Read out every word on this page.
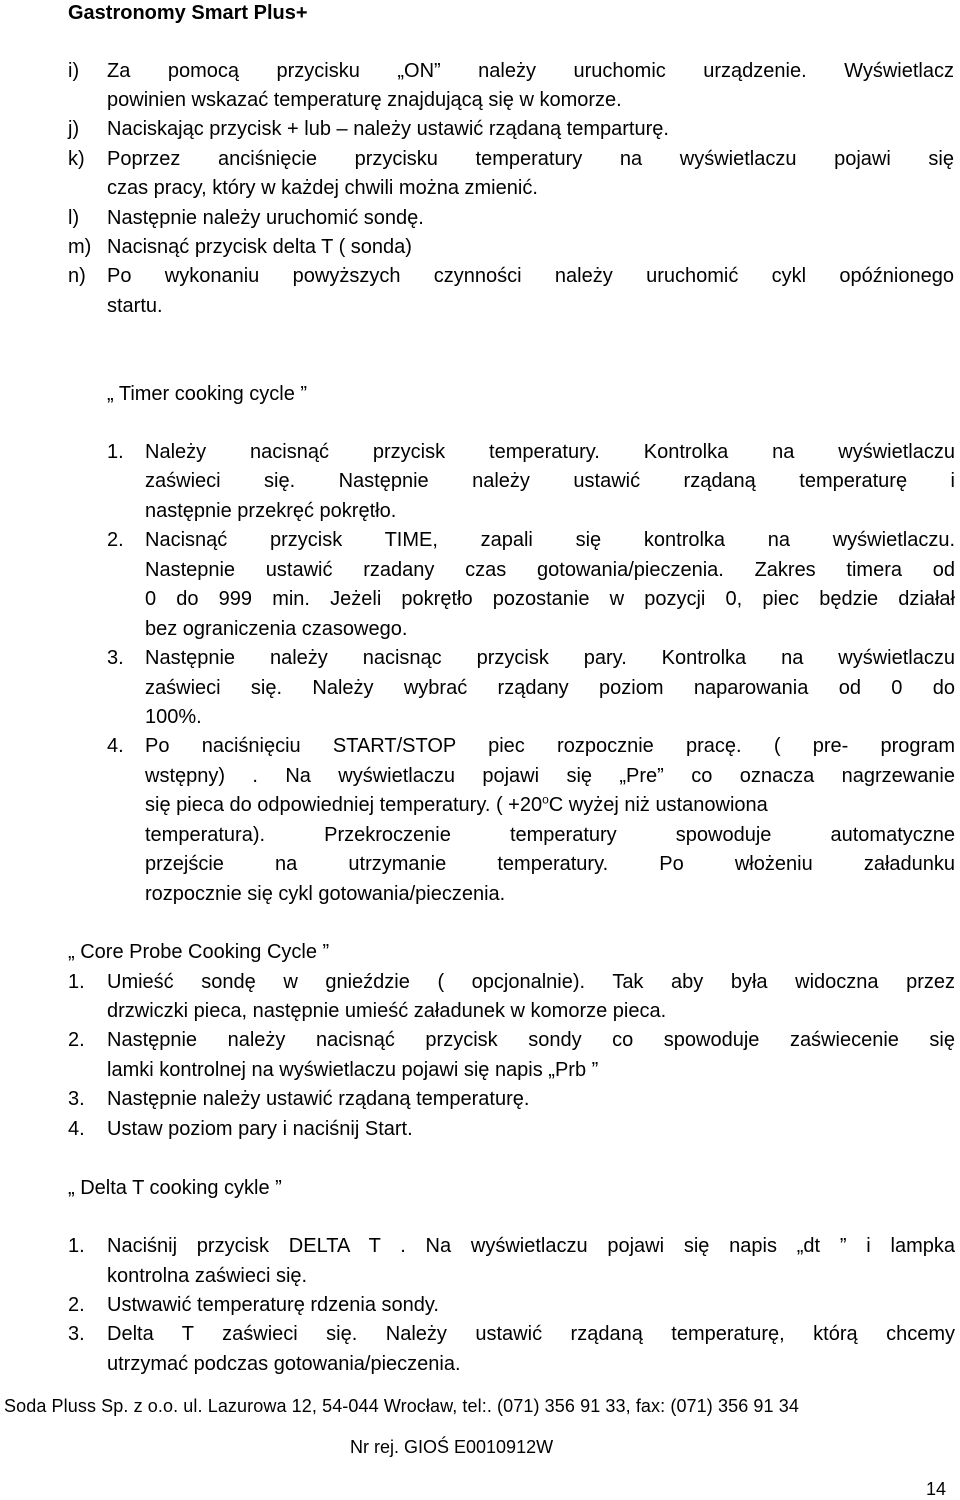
Gastronomy Smart Plus+
i) Za pomocą przycisku „ON” należy uruchomic urządzenie. Wyświetlacz
powinien wskazać temperaturę znajdującą się w komorze.
j) Naciskając przycisk + lub – należy ustawić rządaną temparturę.
k) Poprzez anciśnięcie przycisku temperatury na wyświetlaczu pojawi się
czas pracy, który w każdej chwili można zmienić.
l) Następnie należy uruchomić sondę.
m) Nacisnąć przycisk delta T ( sonda)
n) Po wykonaniu powyższych czynności należy uruchomić cykl opóźnionego
startu.
„ Timer cooking cycle ”
1. Należy nacisnąć przycisk temperatury. Kontrolka na wyświetlaczu
zaświeci się. Następnie należy ustawić rządaną temperaturę i
następnie przekręć pokrętło.
2. Nacisnąć przycisk TIME, zapali się kontrolka na wyświetlaczu.
Nastepnie ustawić rzadany czas gotowania/pieczenia. Zakres timera od
0 do 999 min. Jeżeli pokrętło pozostanie w pozycji 0, piec będzie działał
bez ograniczenia czasowego.
3. Następnie należy nacisnąc przycisk pary. Kontrolka na wyświetlaczu
zaświeci się. Należy wybrać rządany poziom naparowania od 0 do
100%.
4. Po naciśnięciu START/STOP piec rozpocznie pracę. ( pre- program
wstępny) . Na wyświetlaczu pojawi się „Pre” co oznacza nagrzewanie
się pieca do odpowiedniej temperatury. ( $+20^oC$ wyżej niż ustanowiona
temperatura). Przekroczenie temperatury spowoduje automatyczne
przejście na utrzymanie temperatury. Po włożeniu załadunku
rozpocznie się cykl gotowania/pieczenia.
„ Core Probe Cooking Cycle ”
1. Umieść sondę w gnieździe ( opcjonalnie). Tak aby była widoczna przez
drzwiczki pieca, następnie umieść załadunek w komorze pieca.
2. Następnie należy nacisnąć przycisk sondy co spowoduje zaświecenie się
lamki kontrolnej na wyświetlaczu pojawi się napis „Prb ”
3. Następnie należy ustawić rządaną temperaturę.
4. Ustaw poziom pary i naciśnij Start.
„ Delta T cooking cykle ”
1. Naciśnij przycisk DELTA T . Na wyświetlaczu pojawi się napis „dt ” i lampka
kontrolna zaświeci się.
2. Ustwawić temperaturę rdzenia sondy.
3. Delta T zaświeci się. Należy ustawić rządaną temperaturę, którą chcemy
utrzymać podczas gotowania/pieczenia.
Soda Pluss Sp. z o.o. ul. Lazurowa 12, 54-044 Wrocław, tel:. (071) 356 91 33, fax: (071) 356 91 34
Nr rej. GIOŚ E0010912W
14
